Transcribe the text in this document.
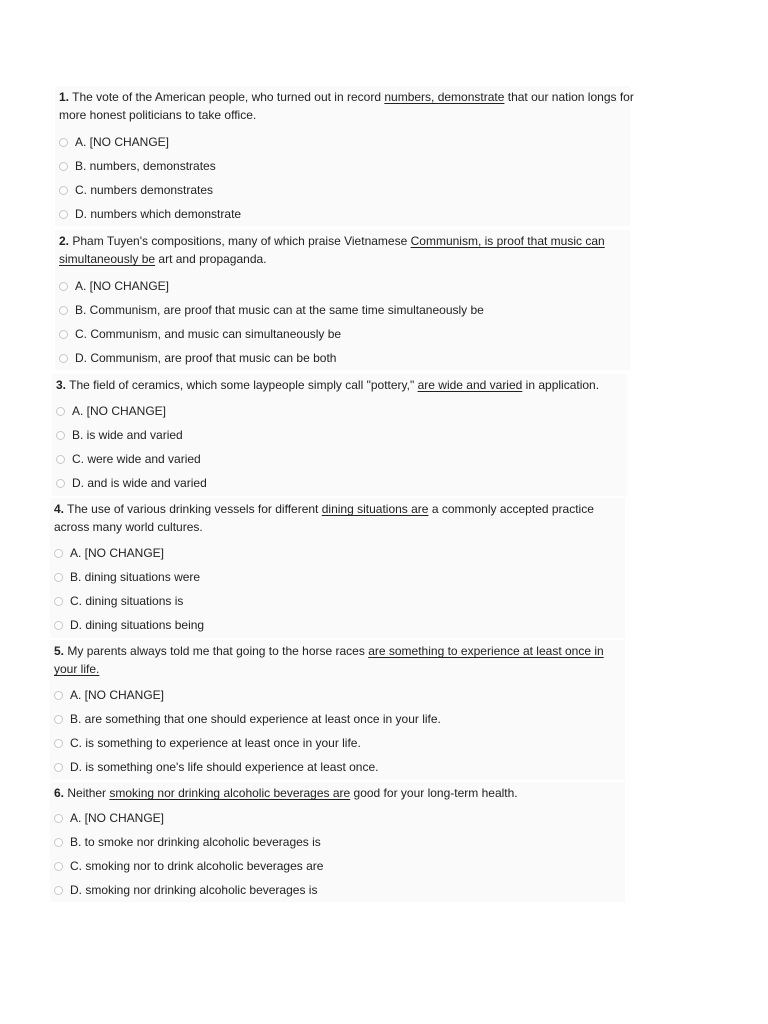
1. The vote of the American people, who turned out in record numbers, demonstrate that our nation longs for more honest politicians to take office.

A. [NO CHANGE]
B. numbers, demonstrates
C. numbers demonstrates
D. numbers which demonstrate

2. Pham Tuyen's compositions, many of which praise Vietnamese Communism, is proof that music can simultaneously be art and propaganda.

A. [NO CHANGE]
B. Communism, are proof that music can at the same time simultaneously be
C. Communism, and music can simultaneously be
D. Communism, are proof that music can be both

3. The field of ceramics, which some laypeople simply call "pottery," are wide and varied in application.

A. [NO CHANGE]
B. is wide and varied
C. were wide and varied
D. and is wide and varied

4. The use of various drinking vessels for different dining situations are a commonly accepted practice across many world cultures.

A. [NO CHANGE]
B. dining situations were
C. dining situations is
D. dining situations being

5. My parents always told me that going to the horse races are something to experience at least once in your life.

A. [NO CHANGE]
B. are something that one should experience at least once in your life.
C. is something to experience at least once in your life.
D. is something one's life should experience at least once.

6. Neither smoking nor drinking alcoholic beverages are good for your long-term health.

A. [NO CHANGE]
B. to smoke nor drinking alcoholic beverages is
C. smoking nor to drink alcoholic beverages are
D. smoking nor drinking alcoholic beverages is
